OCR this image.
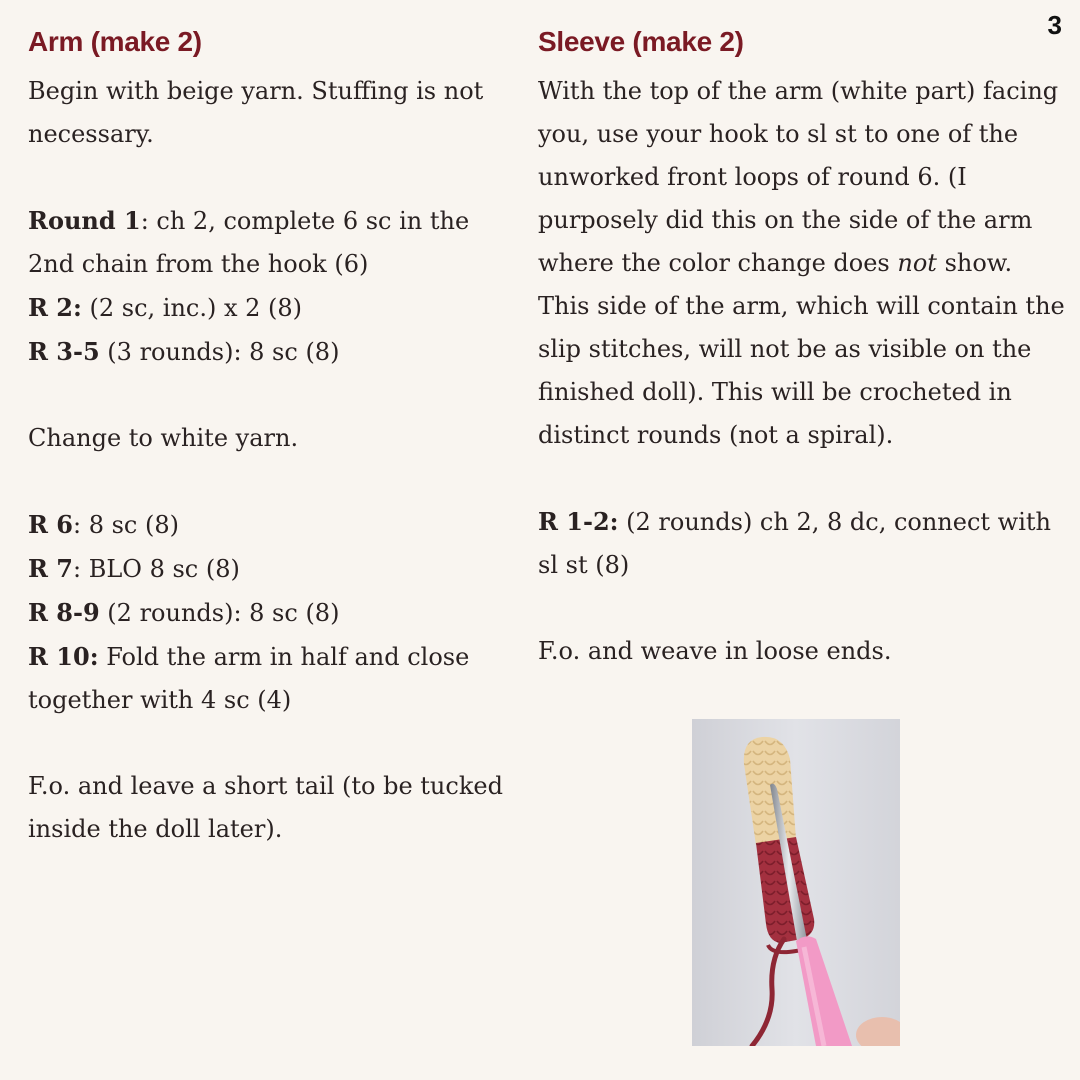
3
Arm (make 2)

Begin with beige yarn. Stuffing is not necessary.

Round 1: ch 2, complete 6 sc in the 2nd chain from the hook (6)

R 2: (2 sc, inc.) x 2 (8)

R 3-5 (3 rounds): 8 sc (8)

Change to white yarn.

R 6: 8 sc (8)

R 7: BLO 8 sc (8)

R 8-9 (2 rounds): 8 sc (8)

R 10: Fold the arm in half and close together with 4 sc (4)

F.o. and leave a short tail (to be tucked inside the doll later).

Sleeve (make 2)

With the top of the arm (white part) facing you, use your hook to sl st to one of the unworked front loops of round 6. (I purposely did this on the side of the arm where the color change does not show. This side of the arm, which will contain the slip stitches, will not be as visible on the finished doll). This will be crocheted in distinct rounds (not a spiral).

R 1-2: (2 rounds) ch 2, 8 dc, connect with sl st (8)

F.o. and weave in loose ends.
